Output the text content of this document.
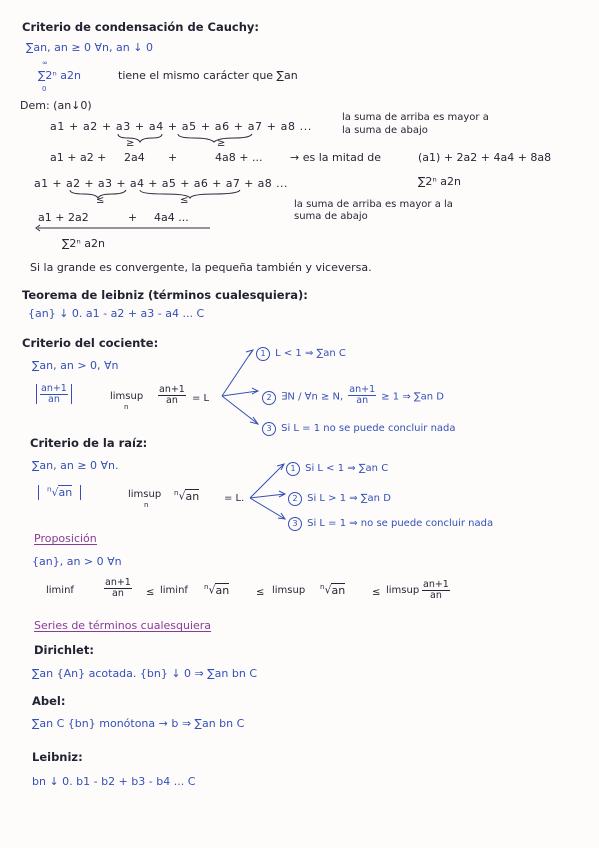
Criterio de condensación de Cauchy:
∑an, an ≥ 0 ∀n, an ↓ 0
∞
∑2ⁿ a2n
0
tiene el mismo carácter que ∑an
Dem: (an↓0)
a1 + a2 + a3 + a4 + a5 + a6 + a7 + a8 ...
la suma de arriba es mayor a
la suma de abajo
≥	≥
a1 + a2 + 2a4 +	4a8 + ...	→ es la mitad de	(a1) + 2a2 + 4a4 + 8a8
∑2ⁿ a2n
a1 + a2 + a3 + a4 + a5 + a6 + a7 + a8 ...
≤	≤
a1 + 2a2	+ 4a4 ...
la suma de arriba es mayor a la
suma de abajo
∑2ⁿ a2n
Si la grande es convergente, la pequeña también y viceversa.
Teorema de leibniz (términos cualesquiera):
{an} ↓ 0. a1 - a2 + a3 - a4 ... C
Criterio del cociente:
∑an, an > 0, ∀n
$\frac{an+1}{an}$	limsup
n
$\frac{an+1}{an} = L$
1 L < 1 ⇒ ∑an C
2 ∃N / ∀n ≥ N, $\frac{an+1}{an} \ge 1$ ⇒ ∑an D
3 Si L = 1 no se puede concluir nada
Criterio de la raíz:
∑an, an ≥ 0 ∀n.
$^n$√an	limsup
n
$^n$√an = L.
1 Si L < 1 ⇒ ∑an C
2 Si L > 1 ⇒ ∑an D
3 Si L = 1 ⇒ no se puede concluir nada
Proposición
{an}, an > 0 ∀n
liminf	$\frac{an+1}{an} \le liminf$ $^n$√an	≤ limsup $^n$√an	≤ limsup $\frac{an+1}{an}$
Series de términos cualesquiera
Dirichlet:
∑an {An} acotada. {bn} ↓ 0 ⇒ ∑an bn C
Abel:
∑an C {bn} monótona → b ⇒ ∑an bn C
Leibniz:
bn ↓ 0. b1 - b2 + b3 - b4 ... C
